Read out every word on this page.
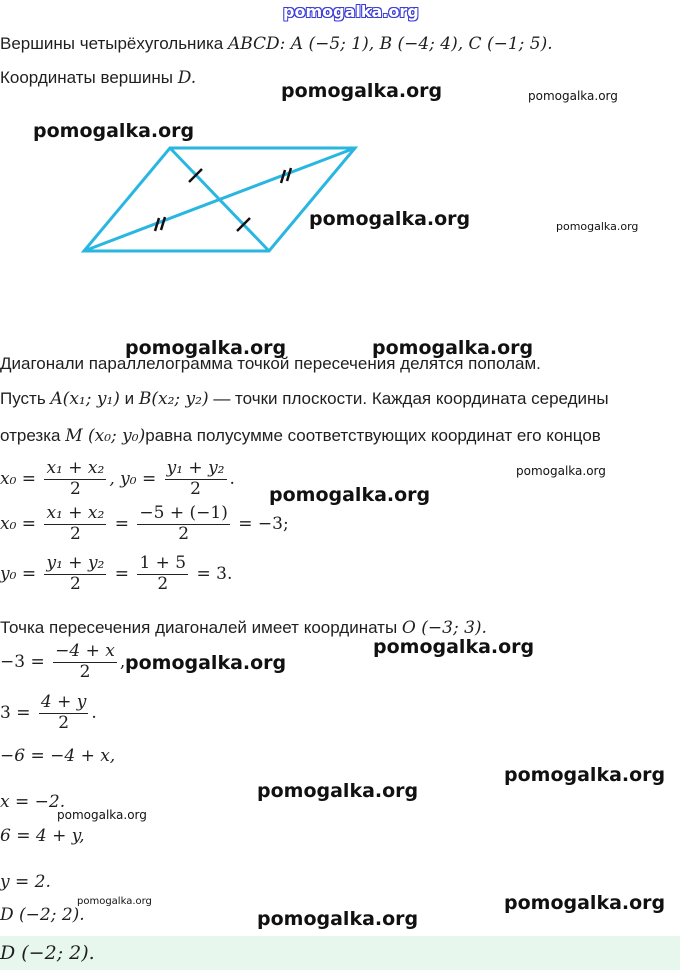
pomogalka.org
Вершины четырёхугольника ABCD: A (−5; 1), B (−4; 4), C (−1; 5).
Координаты вершины D.
Диагонали параллелограмма точкой пересечения делятся пополам.
Пусть A(x₁; y₁) и B(x₂; y₂) — точки плоскости. Каждая координата середины
отрезка M (x₀; y₀)равна полусумме соответствующих координат его концов
$x_0 = \frac{\text{x₁ + x₂}}{2}$ , $y_0 = \frac{\text{y₁ + y₂}}{2}$ .
$x_0 = \frac{\text{x₁ + x₂}}{2} = \frac{-5 + (-1)}{2} = -3$;
$y_0 = \frac{\text{y₁ + y₂}}{2} = \frac{1 + 5}{2} = 3$.
Точка пересечения диагоналей имеет координаты O (−3; 3).
$-3 = \frac{-4 + x}{2}$ ,
$3 = \frac{4 + y}{2}$ .
−6 = −4 + x,
x = −2.
6 = 4 + y,
y = 2.
D (−2; 2).
D (−2; 2).
pomogalka.org	pomogalka.org
pomogalka.org
pomogalka.org	pomogalka.org
pomogalka.org	pomogalka.org
pomogalka.org
pomogalka.org
pomogalka.org
pomogalka.org
pomogalka.org
pomogalka.org
pomogalka.org
pomogalka.org	pomogalka.org
pomogalka.org
